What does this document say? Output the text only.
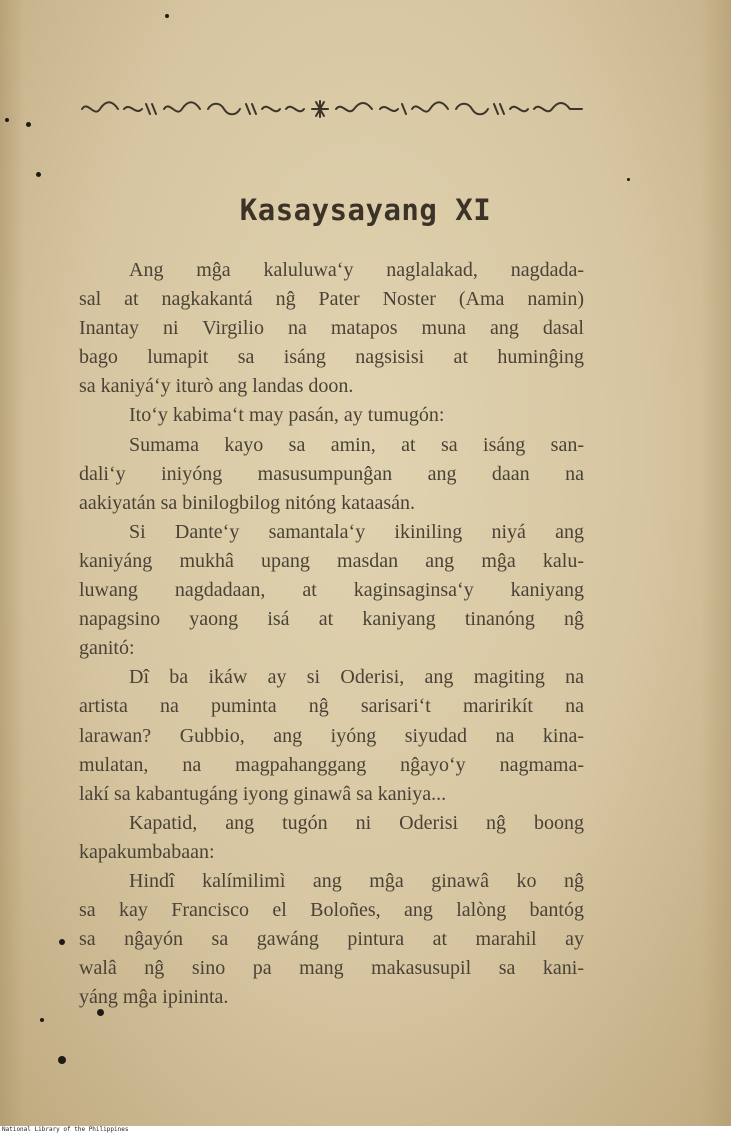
Kasaysayang XI
Ang mĝa kaluluwa‘y naglalakad, nagdada-
sal at nagkakantá nĝ Pater Noster (Ama namin)
Inantay ni Virgilio na matapos muna ang dasal
bago lumapit sa isáng nagsisisi at huminĝing
sa kaniyá‘y iturò ang landas doon.
Ito‘y kabima‘t may pasán, ay tumugón:
Sumama kayo sa amin, at sa isáng san-
dali‘y iniyóng masusumpunĝan ang daan na
aakiyatán sa binilogbilog nitóng kataasán.
Si Dante‘y samantala‘y ikiniling niyá ang
kaniyáng mukhâ upang masdan ang mĝa kalu-
luwang nagdadaan, at kaginsaginsa‘y kaniyang
napagsino yaong isá at kaniyang tinanóng nĝ
ganitó:
Dî ba ikáw ay si Oderisi, ang magiting na
artista na puminta nĝ sarisari‘t maririkít na
larawan? Gubbio, ang iyóng siyudad na kina-
mulatan, na magpahanggang nĝayo‘y nagmama-
lakí sa kabantugáng iyong ginawâ sa kaniya...
Kapatid, ang tugón ni Oderisi nĝ boong
kapakumbabaan:
Hindî kalímilimì ang mĝa ginawâ ko nĝ
sa kay Francisco el Boloñes, ang lalòng bantóg
sa nĝayón sa gawáng pintura at marahil ay
walâ nĝ sino pa mang makasusupil sa kani-
yáng mĝa ipininta.
National Library of the Philippines
